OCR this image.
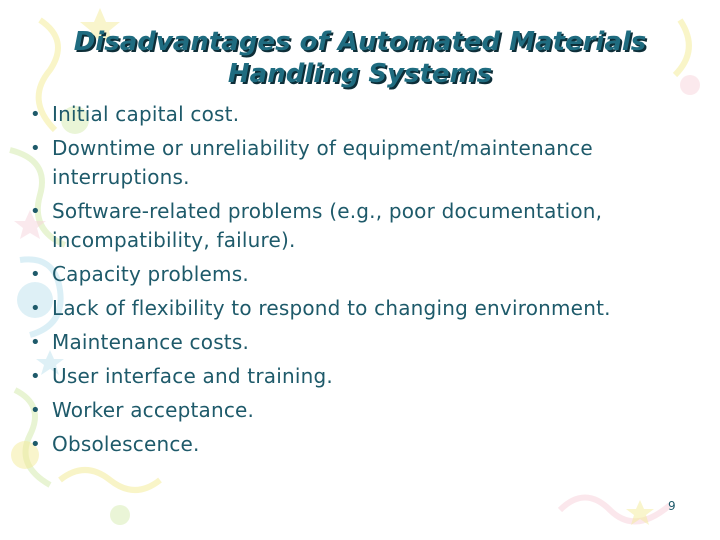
Disadvantages of Automated Materials Handling Systems
• Initial capital cost.
• Downtime or unreliability of equipment/maintenance interruptions.
• Software-related problems (e.g., poor documentation, incompatibility, failure).
• Capacity problems.
• Lack of flexibility to respond to changing environment.
• Maintenance costs.
• User interface and training.
• Worker acceptance.
• Obsolescence.
9
